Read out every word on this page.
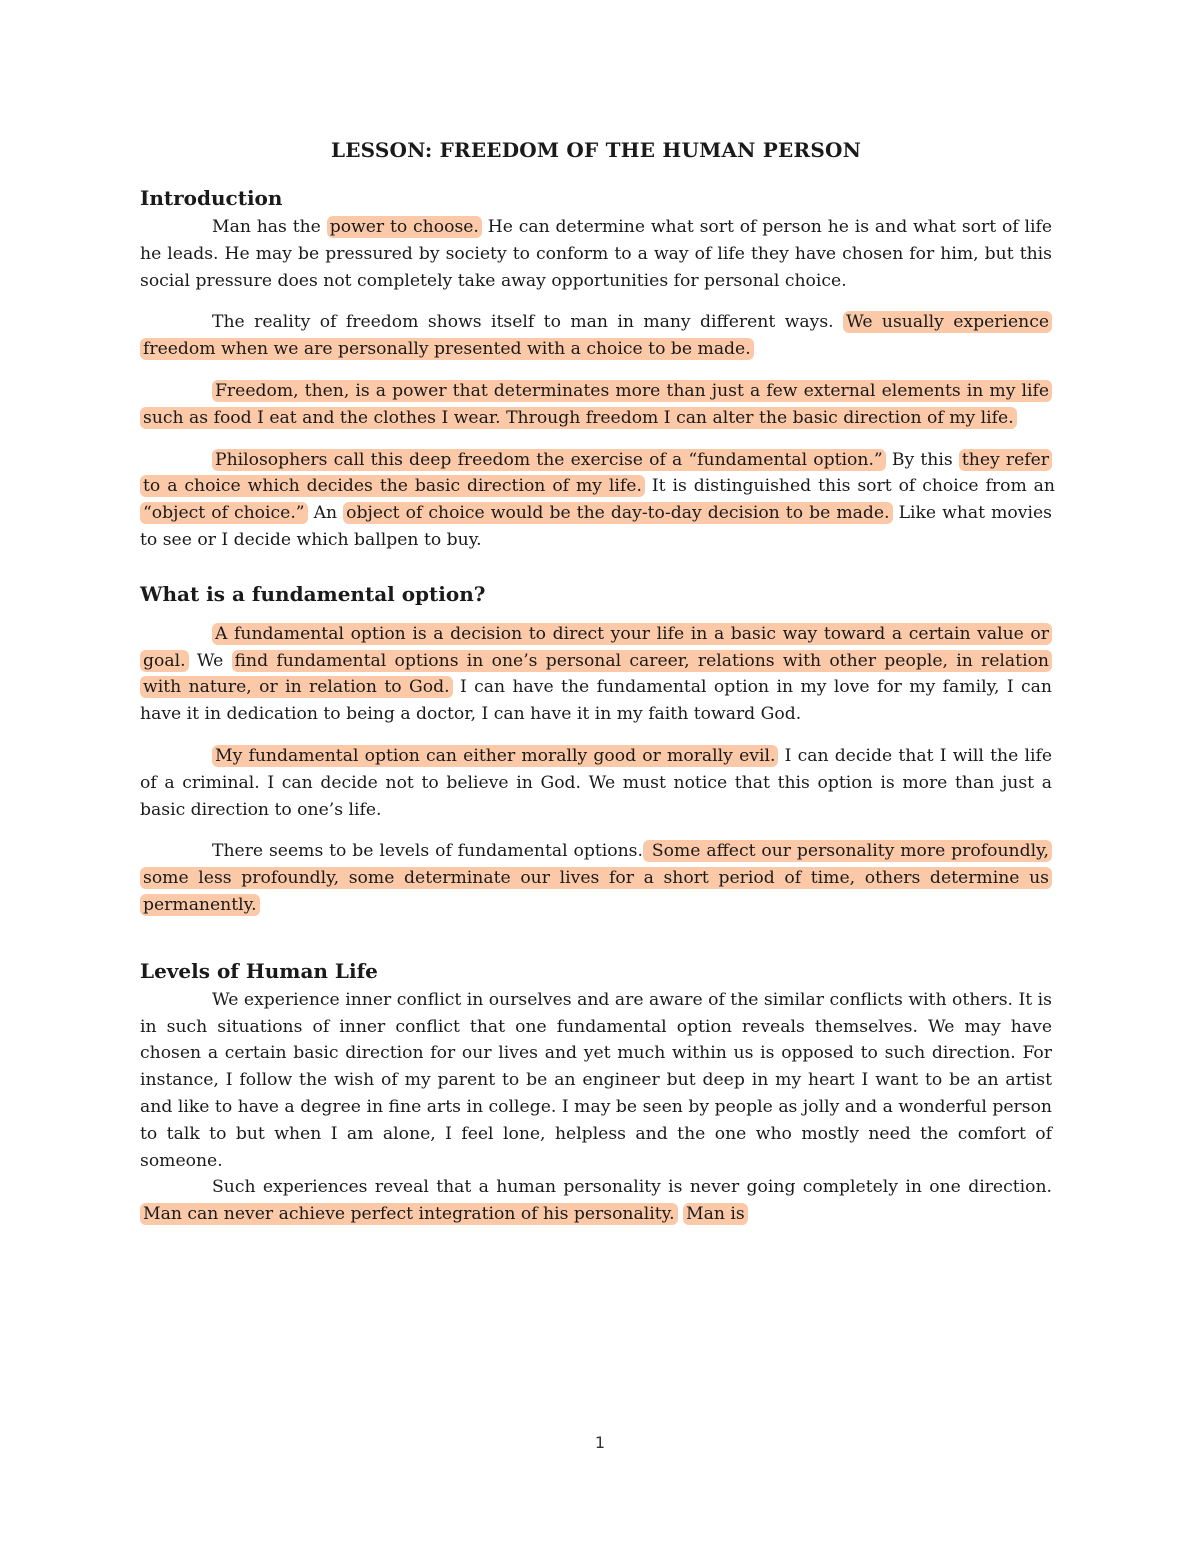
LESSON: FREEDOM OF THE HUMAN PERSON
Introduction

Man has the power to choose. He can determine what sort of person he is and what sort of life he leads. He may be pressured by society to conform to a way of life they have chosen for him, but this social pressure does not completely take away opportunities for personal choice.

The reality of freedom shows itself to man in many different ways. We usually experience freedom when we are personally presented with a choice to be made.

Freedom, then, is a power that determinates more than just a few external elements in my life such as food I eat and the clothes I wear. Through freedom I can alter the basic direction of my life.

Philosophers call this deep freedom the exercise of a “fundamental option.” By this they refer to a choice which decides the basic direction of my life. It is distinguished this sort of choice from an “object of choice.” An object of choice would be the day-to-day decision to be made. Like what movies to see or I decide which ballpen to buy.

What is a fundamental option?

A fundamental option is a decision to direct your life in a basic way toward a certain value or goal. We find fundamental options in one’s personal career, relations with other people, in relation with nature, or in relation to God. I can have the fundamental option in my love for my family, I can have it in dedication to being a doctor, I can have it in my faith toward God.

My fundamental option can either morally good or morally evil. I can decide that I will the life of a criminal. I can decide not to believe in God. We must notice that this option is more than just a basic direction to one’s life.

There seems to be levels of fundamental options. Some affect our personality more profoundly, some less profoundly, some determinate our lives for a short period of time, others determine us permanently.

Levels of Human Life

We experience inner conflict in ourselves and are aware of the similar conflicts with others. It is in such situations of inner conflict that one fundamental option reveals themselves. We may have chosen a certain basic direction for our lives and yet much within us is opposed to such direction. For instance, I follow the wish of my parent to be an engineer but deep in my heart I want to be an artist and like to have a degree in fine arts in college. I may be seen by people as jolly and a wonderful person to talk to but when I am alone, I feel lone, helpless and the one who mostly need the comfort of someone.

Such experiences reveal that a human personality is never going completely in one direction. Man can never achieve perfect integration of his personality. Man is

1
